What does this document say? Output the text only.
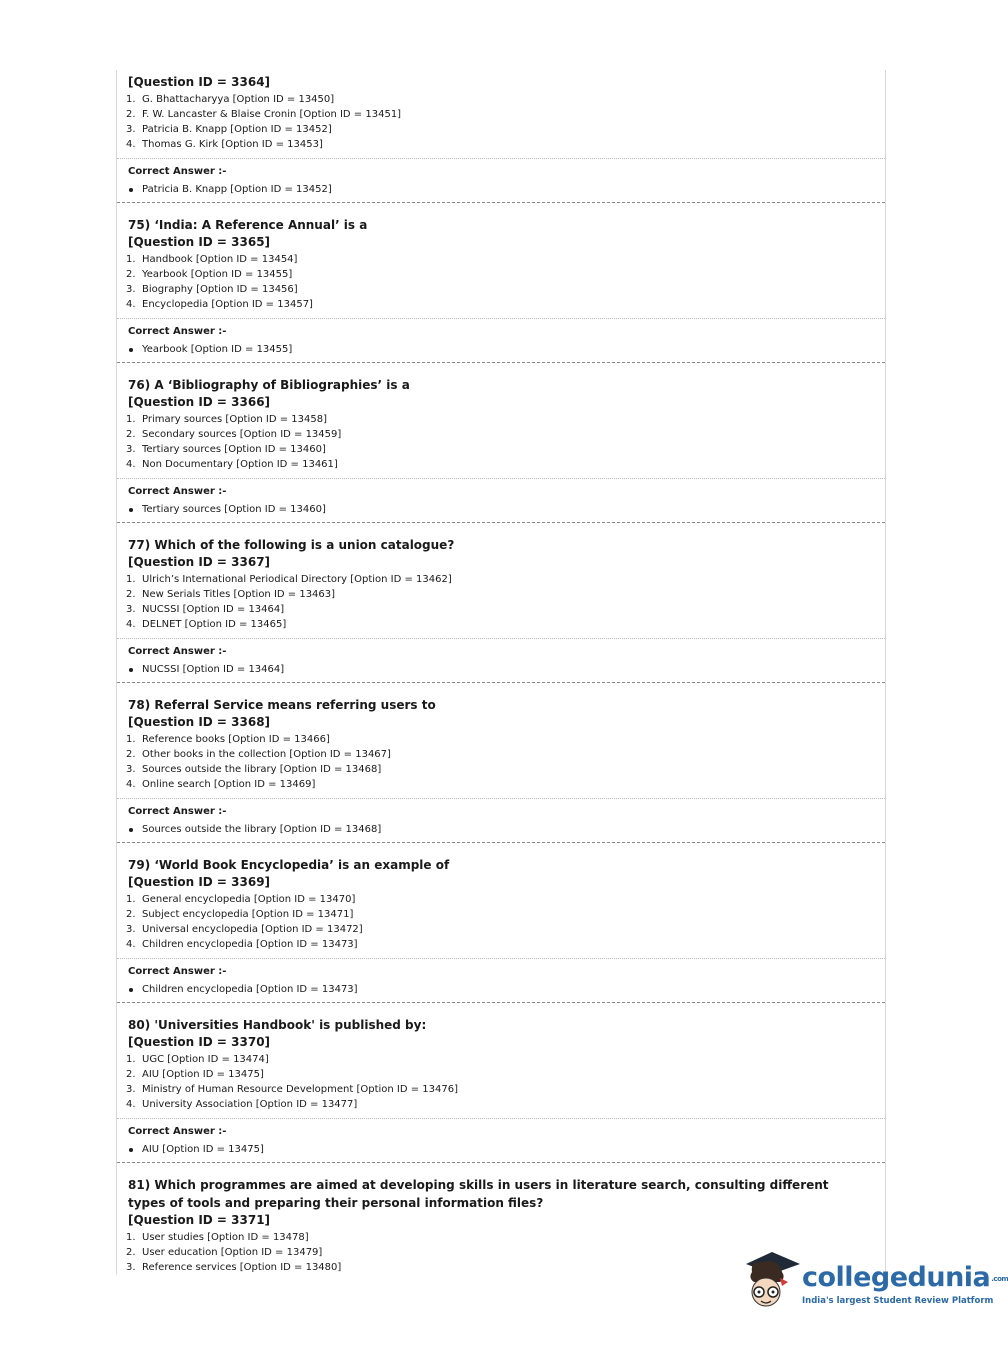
[Question ID = 3364]

1. G. Bhattacharyya [Option ID = 13450]
2. F. W. Lancaster & Blaise Cronin [Option ID = 13451]
3. Patricia B. Knapp [Option ID = 13452]
4. Thomas G. Kirk [Option ID = 13453]

Correct Answer :-

Patricia B. Knapp [Option ID = 13452]

75) ‘India: A Reference Annual’ is a

[Question ID = 3365]

1. Handbook [Option ID = 13454]
2. Yearbook [Option ID = 13455]
3. Biography [Option ID = 13456]
4. Encyclopedia [Option ID = 13457]

Correct Answer :-

Yearbook [Option ID = 13455]

76) A ‘Bibliography of Bibliographies’ is a

[Question ID = 3366]

1. Primary sources [Option ID = 13458]
2. Secondary sources [Option ID = 13459]
3. Tertiary sources [Option ID = 13460]
4. Non Documentary [Option ID = 13461]

Correct Answer :-

Tertiary sources [Option ID = 13460]

77) Which of the following is a union catalogue?

[Question ID = 3367]

1. Ulrich’s International Periodical Directory [Option ID = 13462]
2. New Serials Titles [Option ID = 13463]
3. NUCSSI [Option ID = 13464]
4. DELNET [Option ID = 13465]

Correct Answer :-

NUCSSI [Option ID = 13464]

78) Referral Service means referring users to

[Question ID = 3368]

1. Reference books [Option ID = 13466]
2. Other books in the collection [Option ID = 13467]
3. Sources outside the library [Option ID = 13468]
4. Online search [Option ID = 13469]

Correct Answer :-

Sources outside the library [Option ID = 13468]

79) ‘World Book Encyclopedia’ is an example of

[Question ID = 3369]

1. General encyclopedia [Option ID = 13470]
2. Subject encyclopedia [Option ID = 13471]
3. Universal encyclopedia [Option ID = 13472]
4. Children encyclopedia [Option ID = 13473]

Correct Answer :-

Children encyclopedia [Option ID = 13473]

80) 'Universities Handbook' is published by:

[Question ID = 3370]

1. UGC [Option ID = 13474]
2. AIU [Option ID = 13475]
3. Ministry of Human Resource Development [Option ID = 13476]
4. University Association [Option ID = 13477]

Correct Answer :-

AIU [Option ID = 13475]

81) Which programmes are aimed at developing skills in users in literature search, consulting different types of tools and preparing their personal information files?

[Question ID = 3371]

1. User studies [Option ID = 13478]
2. User education [Option ID = 13479]
3. Reference services [Option ID = 13480]	collegedunia.com
India's largest Student Review Platform
